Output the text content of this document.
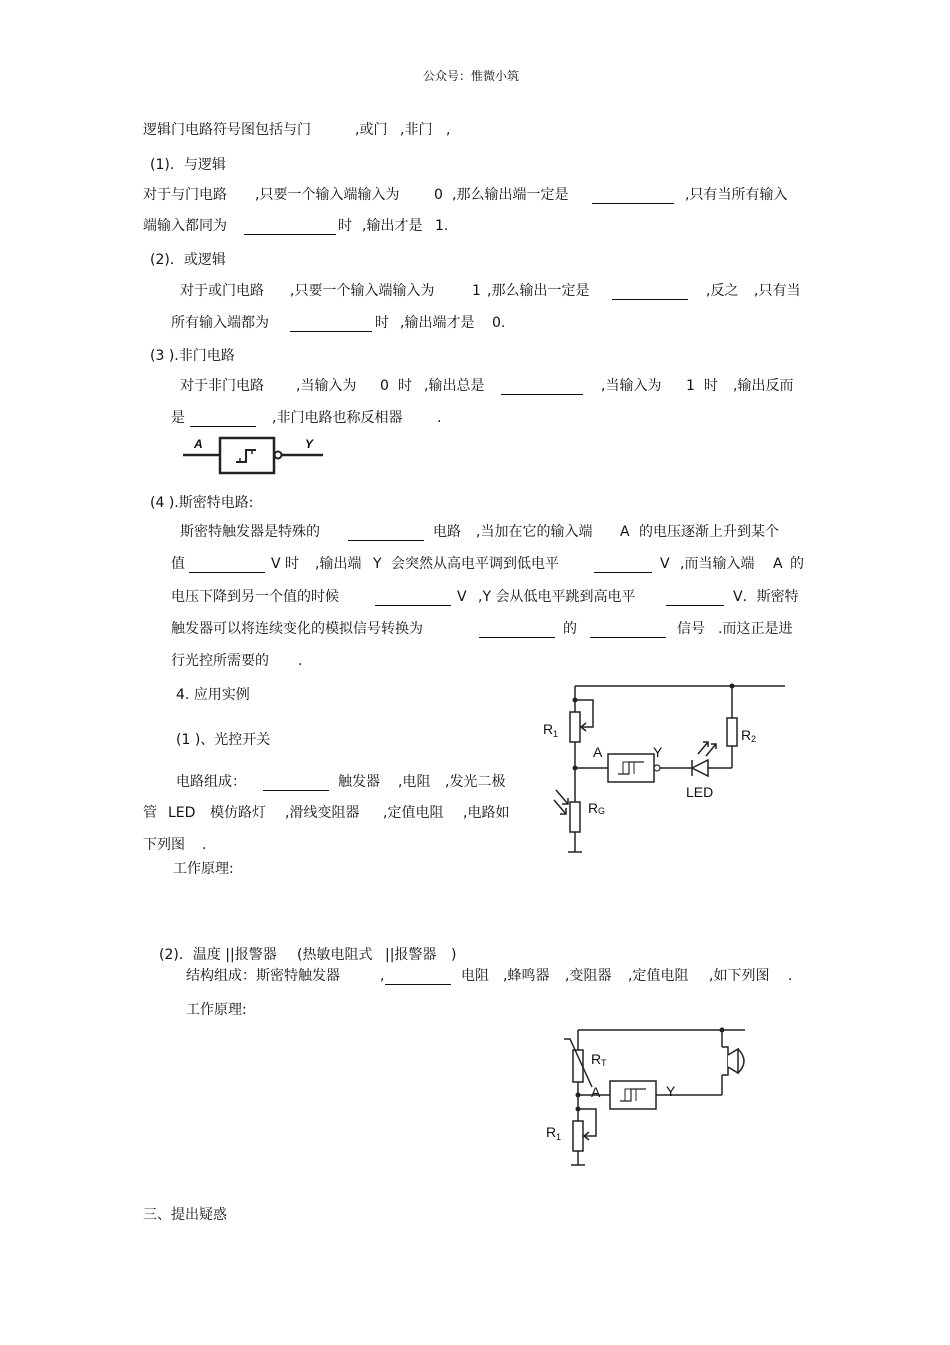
公众号：惟微小筑
逻辑门电路符号图包括与门	,或门 ,非门 ,
(1)．与逻辑
对于与门电路 ,只要一个输入端输入为 0 ,那么输出端一定是	,只有当所有输入
端输入都同为	时 ,输出才是 1.
(2)．或逻辑
对于或门电路 ,只要一个输入端输入为	1 ,那么输出一定是	,反之 ,只有当
所有输入端都为	时 ,输出端才是 0.
(3 ).非门电路
对于非门电路 ,当输入为 0 时 ,输出总是	,当输入为 1 时 ,输出反而
是	,非门电路也称反相器 .
A	Y
(4 ).斯密特电路:
斯密特触发器是特殊的	电路 ,当加在它的输入端 A 的电压逐渐上升到某个
值	V 时 ,输出端 Y 会突然从高电平调到低电平	V ,而当输入端 A 的
电压下降到另一个值的时候	V ,Y 会从低电平跳到高电平	V．斯密特
触发器可以将连续变化的模拟信号转换为	的	信号 .而这正是进
行光控所需要的 .
4. 应用实例
(1 )、光控开关
电路组成：	触发器 ,电阻 ,发光二极
管 LED 模仿路灯 ,滑线变阻器 ,定值电阻 ,电路如
下列图 .
工作原理:
R 1	R 2
R G
A	Y
LED
(2)．温度 ||报警器 (热敏电阻式 ||报警器 )
结构组成：斯密特触发器	,	电阻 ,蜂鸣器 ,变阻器 ,定值电阻 ,如下列图 .
工作原理:
R T
R 1
A	Y
三、提出疑惑
